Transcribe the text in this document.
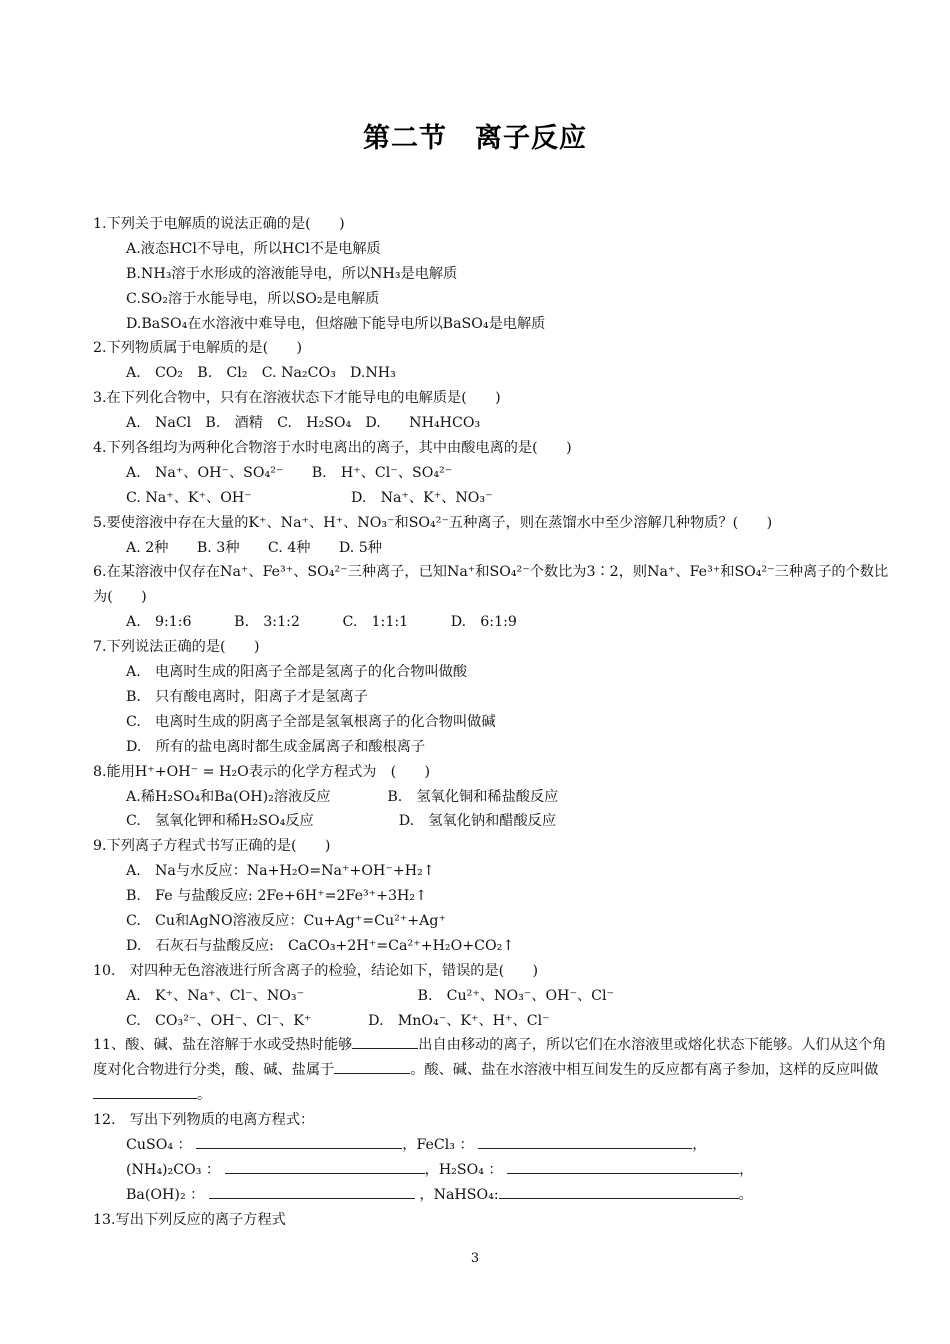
第二节　离子反应
1.下列关于电解质的说法正确的是(　　)
A.液态HCl不导电，所以HCl不是电解质
B.NH₃溶于水形成的溶液能导电，所以NH₃是电解质
C.SO₂溶于水能导电，所以SO₂是电解质
D.BaSO₄在水溶液中难导电，但熔融下能导电所以BaSO₄是电解质
2.下列物质属于电解质的是(　　)
A.　CO₂　B.　Cl₂　C. Na₂CO₃　D.NH₃
3.在下列化合物中，只有在溶液状态下才能导电的电解质是(　　)
A.　NaCl　B.　酒精　C.　H₂SO₄　D.　　NH₄HCO₃
4.下列各组均为两种化合物溶于水时电离出的离子，其中由酸电离的是(　　)
A.　Na⁺、OH⁻、SO₄²⁻　　B.　H⁺、Cl⁻、SO₄²⁻
C. Na⁺、K⁺、OH⁻　　　　　　　D.　Na⁺、K⁺、NO₃⁻
5.要使溶液中存在大量的K⁺、Na⁺、H⁺、NO₃⁻和SO₄²⁻五种离子，则在蒸馏水中至少溶解几种物质？(　　)
A. 2种　　B. 3种　　C. 4种　　D. 5种
6.在某溶液中仅存在Na⁺、Fe³⁺、SO₄²⁻三种离子，已知Na⁺和SO₄²⁻个数比为3∶2，则Na⁺、Fe³⁺和SO₄²⁻三种离子的个数比为(　　)
A.　9:1:6　　　B.　3:1:2　　　C.　1:1:1　　　D.　6:1:9
7.下列说法正确的是(　　)
A.　电离时生成的阳离子全部是氢离子的化合物叫做酸
B.　只有酸电离时，阳离子才是氢离子
C.　电离时生成的阴离子全部是氢氧根离子的化合物叫做碱
D.　所有的盐电离时都生成金属离子和酸根离子
8.能用H⁺+OH⁻ = H₂O表示的化学方程式为　(　　)
A.稀H₂SO₄和Ba(OH)₂溶液反应　　　　B.　氢氧化铜和稀盐酸反应
C.　氢氧化钾和稀H₂SO₄反应　　　　　　D.　氢氧化钠和醋酸反应
9.下列离子方程式书写正确的是(　　)
A.　Na与水反应：Na+H₂O=Na⁺+OH⁻+H₂↑
B.　Fe 与盐酸反应: 2Fe+6H⁺=2Fe³⁺+3H₂↑
C.　Cu和AgNO溶液反应：Cu+Ag⁺=Cu²⁺+Ag⁺
D.　石灰石与盐酸反应:　CaCO₃+2H⁺=Ca²⁺+H₂O+CO₂↑
10.　对四种无色溶液进行所含离子的检验，结论如下，错误的是(　　)
A.　K⁺、Na⁺、Cl⁻、NO₃⁻　　　　　　　　B.　Cu²⁺、NO₃⁻、OH⁻、Cl⁻
C.　CO₃²⁻、OH⁻、Cl⁻、K⁺　　　　D.　MnO₄⁻、K⁺、H⁺、Cl⁻
11、酸、碱、盐在溶解于水或受热时能够	出自由移动的离子，所以它们在水溶液里或熔化状态下能够。人们从这个角度对化合物进行分类，酸、碱、盐属于	。酸、碱、盐在水溶液中相互间发生的反应都有离子参加，这样的反应叫做。
12.　写出下列物质的电离方程式：
CuSO₄ ：	，FeCl₃ ：	，
(NH₄)₂CO₃ ：	，H₂SO₄ ：	，
Ba(OH)₂ ：	，NaHSO₄:	。
13.写出下列反应的离子方程式
3
